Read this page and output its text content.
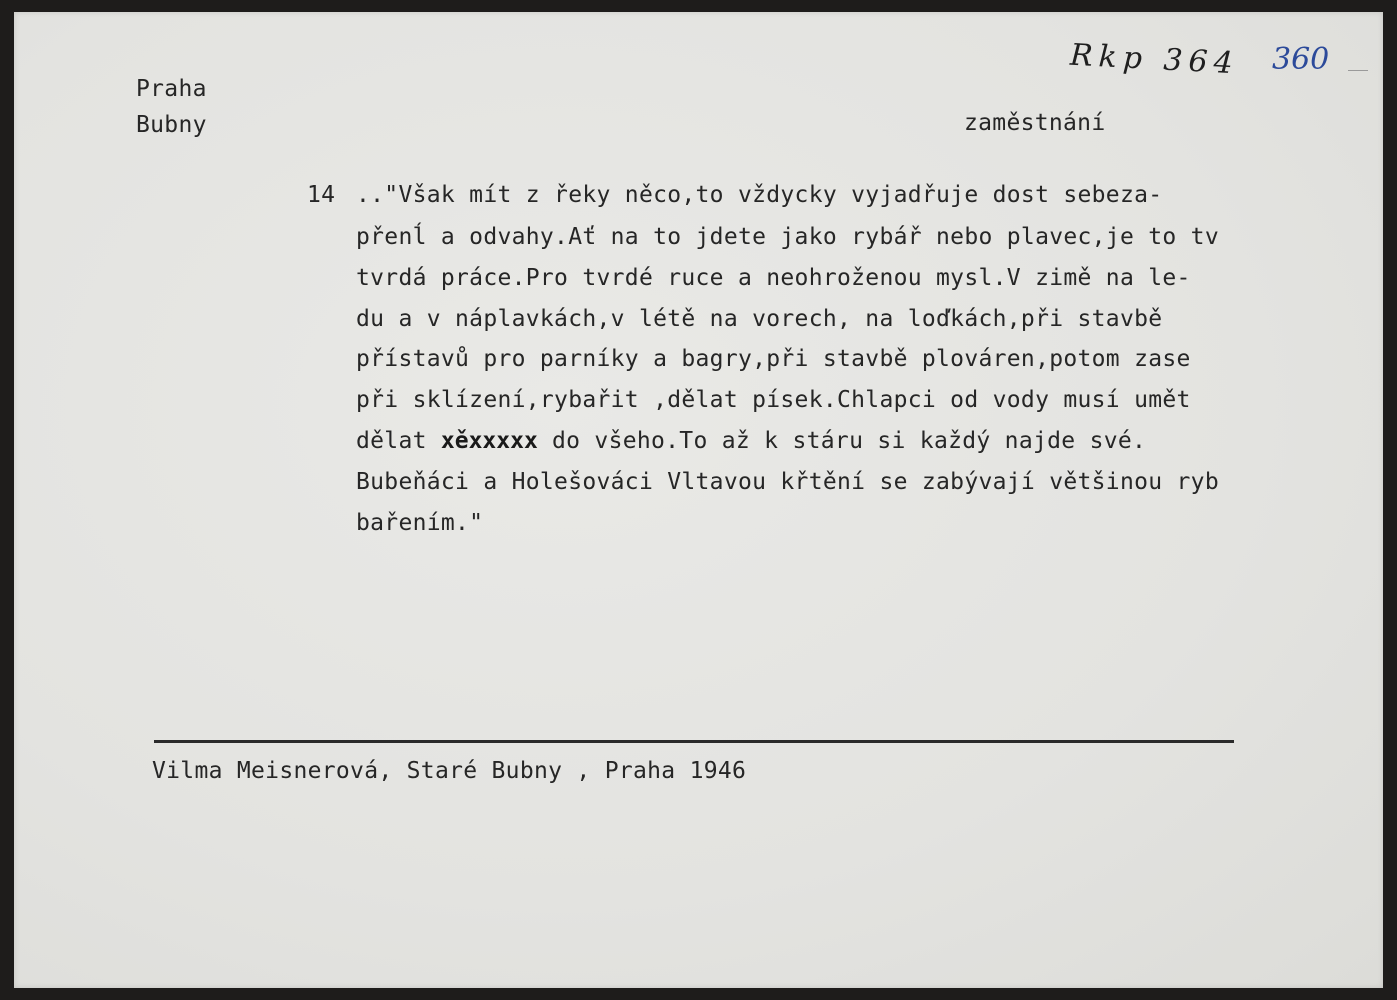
Rkp 364 360
Praha
Bubny	zaměstnání
14 .."Však mít z řeky něco,to vždycky vyjadřuje dost sebeza-
přenĺ a odvahy.Ať na to jdete jako rybář nebo plavec,je to tv
tvrdá práce.Pro tvrdé ruce a neohroženou mysl.V zimě na le-
du a v náplavkách,v létě na vorech, na loďkách,při stavbě
přístavů pro parníky a bagry,při stavbě plováren,potom zase
při sklízení,rybařit ,dělat písek.Chlapci od vody musí umět
dělat xěxxxxx do všeho.To až k stáru si každý najde své.
Bubeňáci a Holešováci Vltavou křtění se zabývají většinou ryb
bařením."
Vilma Meisnerová, Staré Bubny , Praha 1946
